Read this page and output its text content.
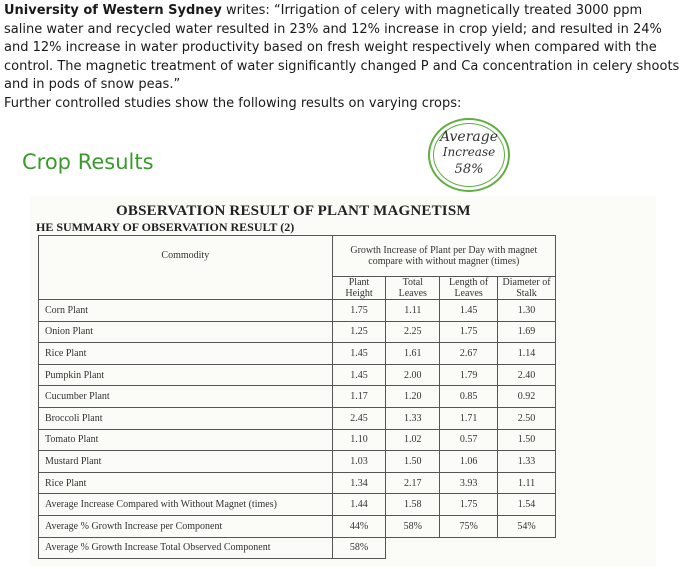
University of Western Sydney writes: “Irrigation of celery with magnetically treated 3000 ppm saline water and recycled water resulted in 23% and 12% increase in crop yield; and resulted in 24% and 12% increase in water productivity based on fresh weight respectively when compared with the control. The magnetic treatment of water significantly changed P and Ca concentration in celery shoots and in pods of snow peas.”
Further controlled studies show the following results on varying crops:
Crop Results
Average
Increase
58%
OBSERVATION RESULT OF PLANT MAGNETISM
HE SUMMARY OF OBSERVATION RESULT (2)
Commodity	Growth Increase of Plant per Day with magnet compare with without magner (times)			
	Plant Height	Total Leaves	Length of Leaves	Diameter of Stalk
Corn Plant	1.75	1.11	1.45	1.30
Onion Plant	1.25	2.25	1.75	1.69
Rice Plant	1.45	1.61	2.67	1.14
Pumpkin Plant	1.45	2.00	1.79	2.40
Cucumber Plant	1.17	1.20	0.85	0.92
Broccoli Plant	2.45	1.33	1.71	2.50
Tomato Plant	1.10	1.02	0.57	1.50
Mustard Plant	1.03	1.50	1.06	1.33
Rice Plant	1.34	2.17	3.93	1.11
Average Increase Compared with Without Magnet (times)	1.44	1.58	1.75	1.54
Average % Growth Increase per Component	44%	58%	75%	54%
Average % Growth Increase Total Observed Component	58%			
